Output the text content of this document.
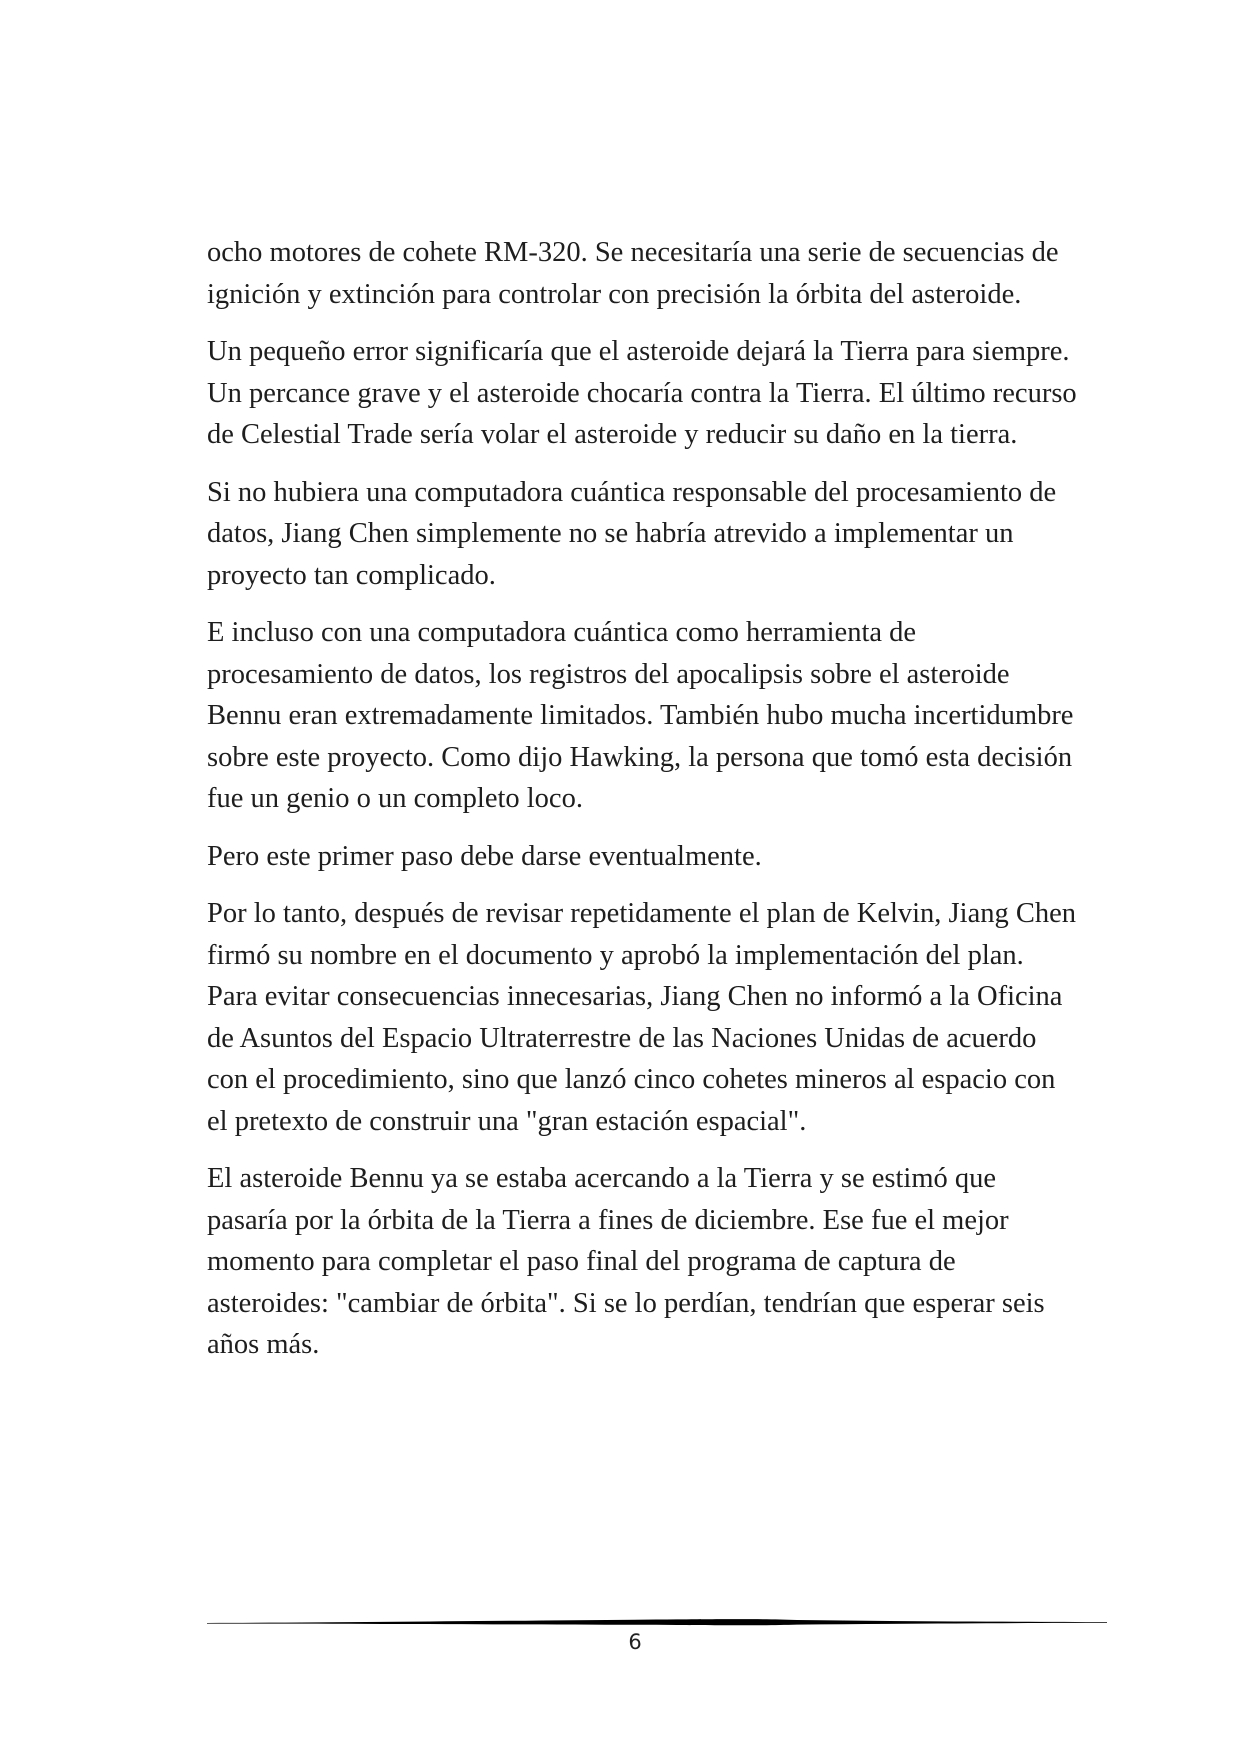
ocho motores de cohete RM-320. Se necesitaría una serie de secuencias de ignición y extinción para controlar con precisión la órbita del asteroide.

Un pequeño error significaría que el asteroide dejará la Tierra para siempre. Un percance grave y el asteroide chocaría contra la Tierra. El último recurso de Celestial Trade sería volar el asteroide y reducir su daño en la tierra.

Si no hubiera una computadora cuántica responsable del procesamiento de datos, Jiang Chen simplemente no se habría atrevido a implementar un proyecto tan complicado.

E incluso con una computadora cuántica como herramienta de procesamiento de datos, los registros del apocalipsis sobre el asteroide Bennu eran extremadamente limitados. También hubo mucha incertidumbre sobre este proyecto. Como dijo Hawking, la persona que tomó esta decisión fue un genio o un completo loco.

Pero este primer paso debe darse eventualmente.

Por lo tanto, después de revisar repetidamente el plan de Kelvin, Jiang Chen firmó su nombre en el documento y aprobó la implementación del plan. Para evitar consecuencias innecesarias, Jiang Chen no informó a la Oficina de Asuntos del Espacio Ultraterrestre de las Naciones Unidas de acuerdo con el procedimiento, sino que lanzó cinco cohetes mineros al espacio con el pretexto de construir una "gran estación espacial".

El asteroide Bennu ya se estaba acercando a la Tierra y se estimó que pasaría por la órbita de la Tierra a fines de diciembre. Ese fue el mejor momento para completar el paso final del programa de captura de asteroides: "cambiar de órbita". Si se lo perdían, tendrían que esperar seis años más.

6
